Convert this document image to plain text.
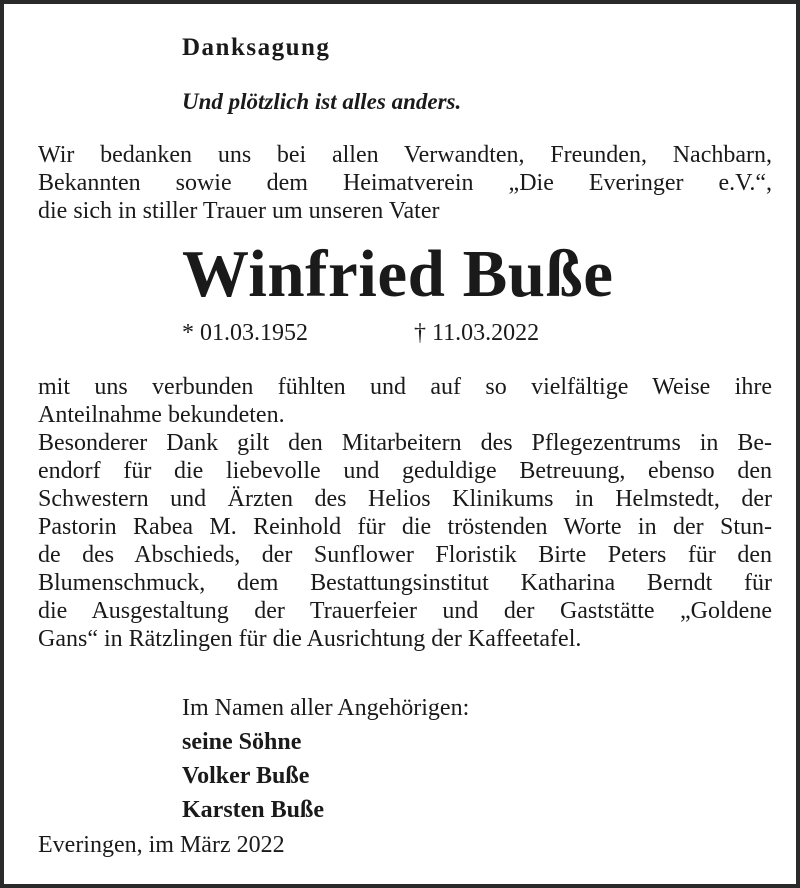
Danksagung
Und plötzlich ist alles anders.
Wir bedanken uns bei allen Verwandten, Freunden, Nachbarn,
Bekannten sowie dem Heimatverein „Die Everinger e.V.“,
die sich in stiller Trauer um unseren Vater
Winfried Buße
* 01.03.1952	† 11.03.2022
mit uns verbunden fühlten und auf so vielfältige Weise ihre
Anteilnahme bekundeten.
Besonderer Dank gilt den Mitarbeitern des Pflegezentrums in Be-
endorf für die liebevolle und geduldige Betreuung, ebenso den
Schwestern und Ärzten des Helios Klinikums in Helmstedt, der
Pastorin Rabea M. Reinhold für die tröstenden Worte in der Stun-
de des Abschieds, der Sunflower Floristik Birte Peters für den
Blumenschmuck, dem Bestattungsinstitut Katharina Berndt für
die Ausgestaltung der Trauerfeier und der Gaststätte „Goldene
Gans“ in Rätzlingen für die Ausrichtung der Kaffeetafel.
Im Namen aller Angehörigen:
seine Söhne
Volker Buße
Karsten Buße
Everingen, im März 2022
